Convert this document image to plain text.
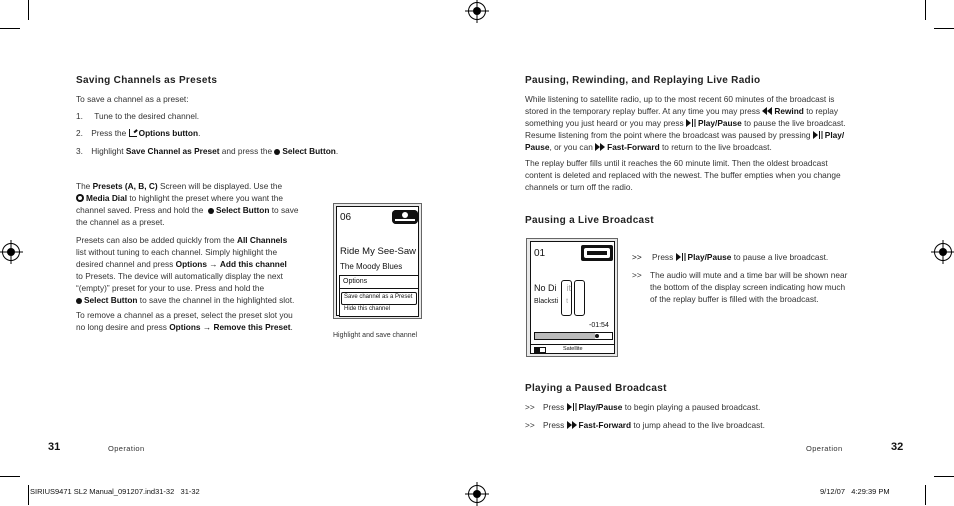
Saving Channels as Presets
To save a channel as a preset:
1. Tune to the desired channel.
2. Press the Options button.
3. Highlight Save Channel as Preset and press the Select Button.
The Presets (A, B, C) Screen will be displayed. Use the
Media Dial to highlight the preset where you want the
channel saved. Press and hold the Select Button to save
the channel as a preset.
Presets can also be added quickly from the All Channels
list without tuning to each channel. Simply highlight the
desired channel and press Options → Add this channel
to Presets. The device will automatically display the next
“(empty)” preset for your to use. Press and hold the
Select Button to save the channel in the highlighted slot.
To remove a channel as a preset, select the preset slot you
no long desire and press Options → Remove this Preset.
06
Ride My See-Saw
The Moody Blues
Options
Save channel as a Preset
Hide this channel
Highlight and save channel
31	Operation
Pausing, Rewinding, and Replaying Live Radio
While listening to satellite radio, up to the most recent 60 minutes of the broadcast is
stored in the temporary replay buffer. At any time you may press Rewind to replay
something you just heard or you may press Play/Pause to pause the live broadcast.
Resume listening from the point where the broadcast was paused by pressing Play/
Pause, or you can Fast-Forward to return to the live broadcast.
The replay buffer fills until it reaches the 60 minute limit. Then the oldest broadcast
content is deleted and replaced with the newest. The buffer empties when you change
channels or turn off the radio.
Pausing a Live Broadcast
01
No Di
Blacksti
-01:54
Satellite
>> Press Play/Pause to pause a live broadcast.
>> The audio will mute and a time bar will be shown near
the bottom of the display screen indicating how much
of the replay buffer is filled with the broadcast.
Playing a Paused Broadcast
>> Press Play/Pause to begin playing a paused broadcast.
>> Press Fast-Forward to jump ahead to the live broadcast.
Operation	32
SIRIUS9471 SL2 Manual_091207.ind31-32   31-32	9/12/07   4:29:39 PM
